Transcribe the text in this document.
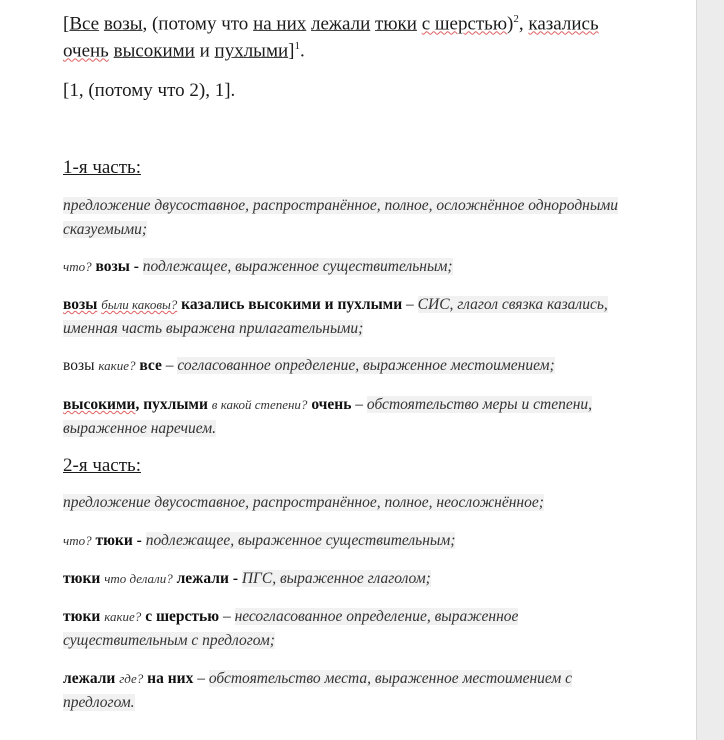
[Все возы, (потому что на них лежали тюки с шерстью)$^2$, казались
очень высокими и пухлыми]$^1$.
[1, (потому что 2), 1].
1-я часть:
предложение двусоставное, распространённое, полное, осложнённое однородными сказуемыми;
что? возы - подлежащее, выраженное существительным;
возы были каковы? казались высокими и пухлыми – СИС, глагол связка казались, именная часть выражена прилагательными;
возы какие? все – согласованное определение, выраженное местоимением;
высокими, пухлыми в какой степени? очень – обстоятельство меры и степени, выраженное наречием.
2-я часть:
предложение двусоставное, распространённое, полное, неосложнённое;
что? тюки - подлежащее, выраженное существительным;
тюки что делали? лежали - ПГС, выраженное глаголом;
тюки какие? с шерстью – несогласованное определение, выраженное существительным с предлогом;
лежали где? на них – обстоятельство места, выраженное местоимением с предлогом.
